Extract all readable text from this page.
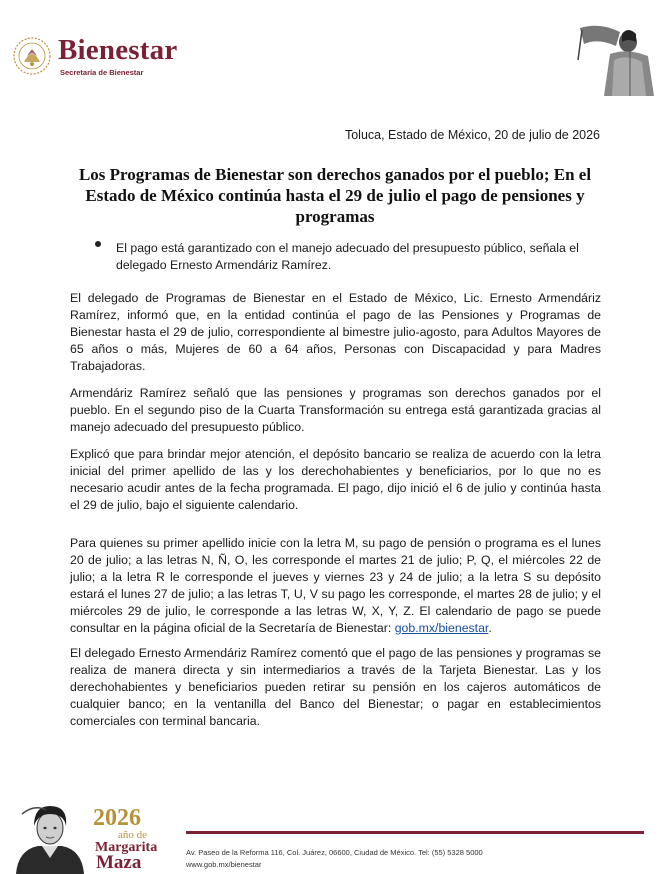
Bienestar
Secretaría de Bienestar
Toluca, Estado de México, 20 de julio de 2026
Los Programas de Bienestar son derechos ganados por el pueblo; En el Estado de México continúa hasta el 29 de julio el pago de pensiones y programas
El pago está garantizado con el manejo adecuado del presupuesto público, señala el delegado Ernesto Armendáriz Ramírez.
El delegado de Programas de Bienestar en el Estado de México, Lic. Ernesto Armendáriz Ramírez, informó que, en la entidad continúa el pago de las Pensiones y Programas de Bienestar hasta el 29 de julio, correspondiente al bimestre julio-agosto, para Adultos Mayores de 65 años o más, Mujeres de 60 a 64 años, Personas con Discapacidad y para Madres Trabajadoras.
Armendáriz Ramírez señaló que las pensiones y programas son derechos ganados por el pueblo. En el segundo piso de la Cuarta Transformación su entrega está garantizada gracias al manejo adecuado del presupuesto público.
Explicó que para brindar mejor atención, el depósito bancario se realiza de acuerdo con la letra inicial del primer apellido de las y los derechohabientes y beneficiarios, por lo que no es necesario acudir antes de la fecha programada. El pago, dijo inició el 6 de julio y continúa hasta el 29 de julio, bajo el siguiente calendario.
Para quienes su primer apellido inicie con la letra M, su pago de pensión o programa es el lunes 20 de julio; a las letras N, Ñ, O, les corresponde el martes 21 de julio; P, Q, el miércoles 22 de julio; a la letra R le corresponde el jueves y viernes 23 y 24 de julio; a la letra S su depósito estará el lunes 27 de julio; a las letras T, U, V su pago les corresponde, el martes 28 de julio; y el miércoles 29 de julio, le corresponde a las letras W, X, Y, Z. El calendario de pago se puede consultar en la página oficial de la Secretaría de Bienestar: gob.mx/bienestar.
El delegado Ernesto Armendáriz Ramírez comentó que el pago de las pensiones y programas se realiza de manera directa y sin intermediarios a través de la Tarjeta Bienestar. Las y los derechohabientes y beneficiarios pueden retirar su pensión en los cajeros automáticos de cualquier banco; en la ventanilla del Banco del Bienestar; o pagar en establecimientos comerciales con terminal bancaria.
2026
año de
Margarita
Maza	Av. Paseo de la Reforma 116, Col. Juárez, 06600, Ciudad de México. Tel: (55) 5328 5000
www.gob.mx/bienestar
